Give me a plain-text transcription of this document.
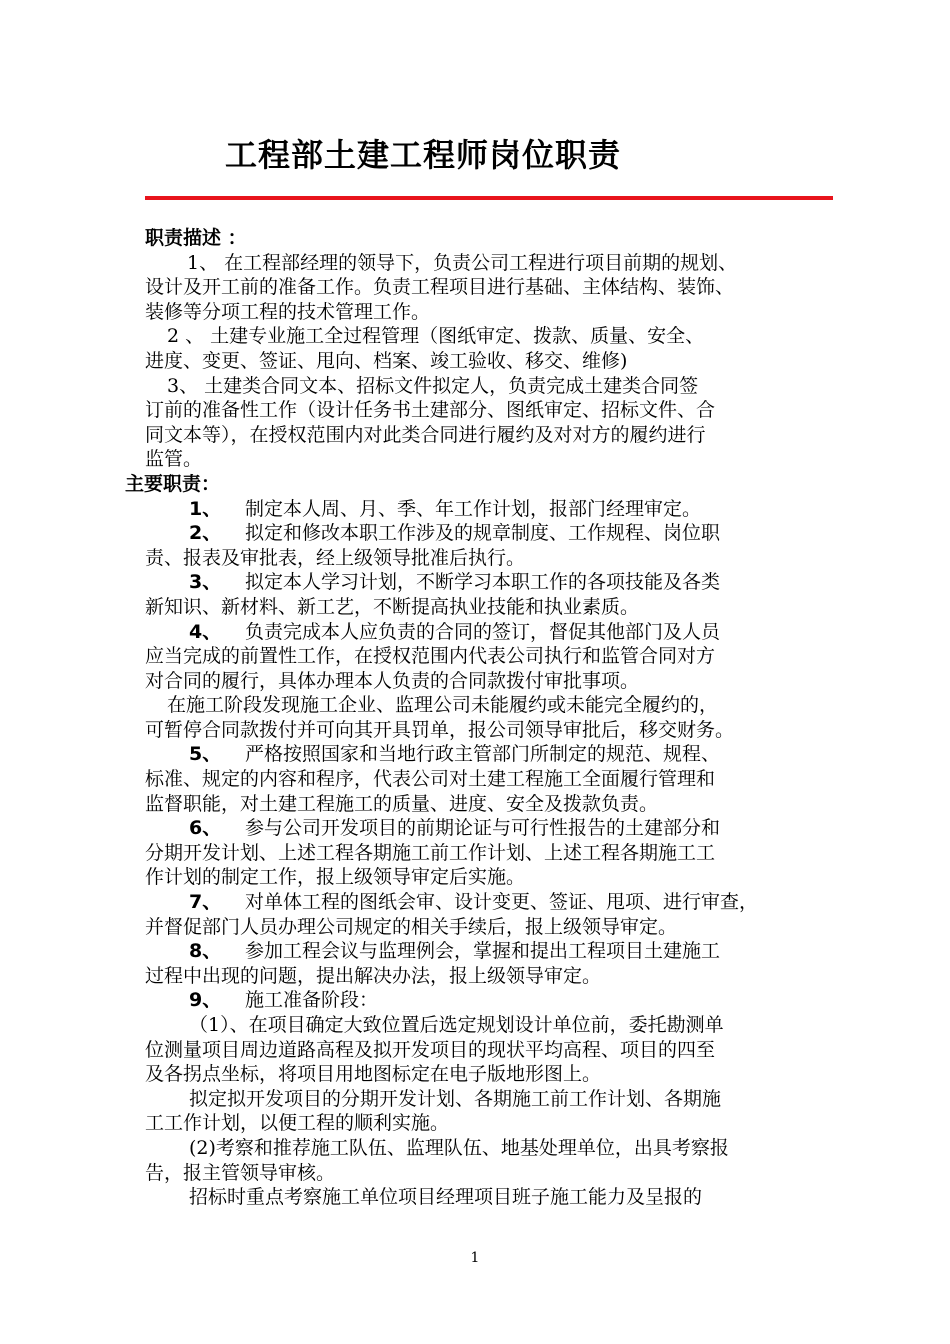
工程部土建工程师岗位职责
职责描述 ：
1、 在工程部经理的领导下，负责公司工程进行项目前期的规划、
设计及开工前的准备工作。负责工程项目进行基础、主体结构、装饰、
装修等分项工程的技术管理工作。
2 、 土建专业施工全过程管理（图纸审定、拨款、质量、安全、
进度、变更、签证、甩向、档案、竣工验收、移交、维修)
3、 土建类合同文本、招标文件拟定人，负责完成土建类合同签
订前的准备性工作（设计任务书土建部分、图纸审定、招标文件、合
同文本等），在授权范围内对此类合同进行履约及对对方的履约进行
监管。
主要职责：
1、 制定本人周、月、季、年工作计划，报部门经理审定。
2、 拟定和修改本职工作涉及的规章制度、工作规程、岗位职
责、报表及审批表，经上级领导批准后执行。
3、 拟定本人学习计划，不断学习本职工作的各项技能及各类
新知识、新材料、新工艺，不断提高执业技能和执业素质。
4、 负责完成本人应负责的合同的签订，督促其他部门及人员
应当完成的前置性工作，在授权范围内代表公司执行和监管合同对方
对合同的履行，具体办理本人负责的合同款拨付审批事项。
在施工阶段发现施工企业、监理公司未能履约或未能完全履约的，
可暂停合同款拨付并可向其开具罚单，报公司领导审批后，移交财务。
5、 严格按照国家和当地行政主管部门所制定的规范、规程、
标准、规定的内容和程序，代表公司对土建工程施工全面履行管理和
监督职能，对土建工程施工的质量、进度、安全及拨款负责。
6、 参与公司开发项目的前期论证与可行性报告的土建部分和
分期开发计划、上述工程各期施工前工作计划、上述工程各期施工工
作计划的制定工作，报上级领导审定后实施。
7、 对单体工程的图纸会审、设计变更、签证、甩项、进行审查，
并督促部门人员办理公司规定的相关手续后，报上级领导审定。
8、 参加工程会议与监理例会，掌握和提出工程项目土建施工
过程中出现的问题，提出解决办法，报上级领导审定。
9、 施工准备阶段：
（1）、在项目确定大致位置后选定规划设计单位前，委托勘测单
位测量项目周边道路高程及拟开发项目的现状平均高程、项目的四至
及各拐点坐标，将项目用地图标定在电子版地形图上。
拟定拟开发项目的分期开发计划、各期施工前工作计划、各期施
工工作计划，以便工程的顺利实施。
(2)考察和推荐施工队伍、监理队伍、地基处理单位，出具考察报
告，报主管领导审核。
招标时重点考察施工单位项目经理项目班子施工能力及呈报的
1
